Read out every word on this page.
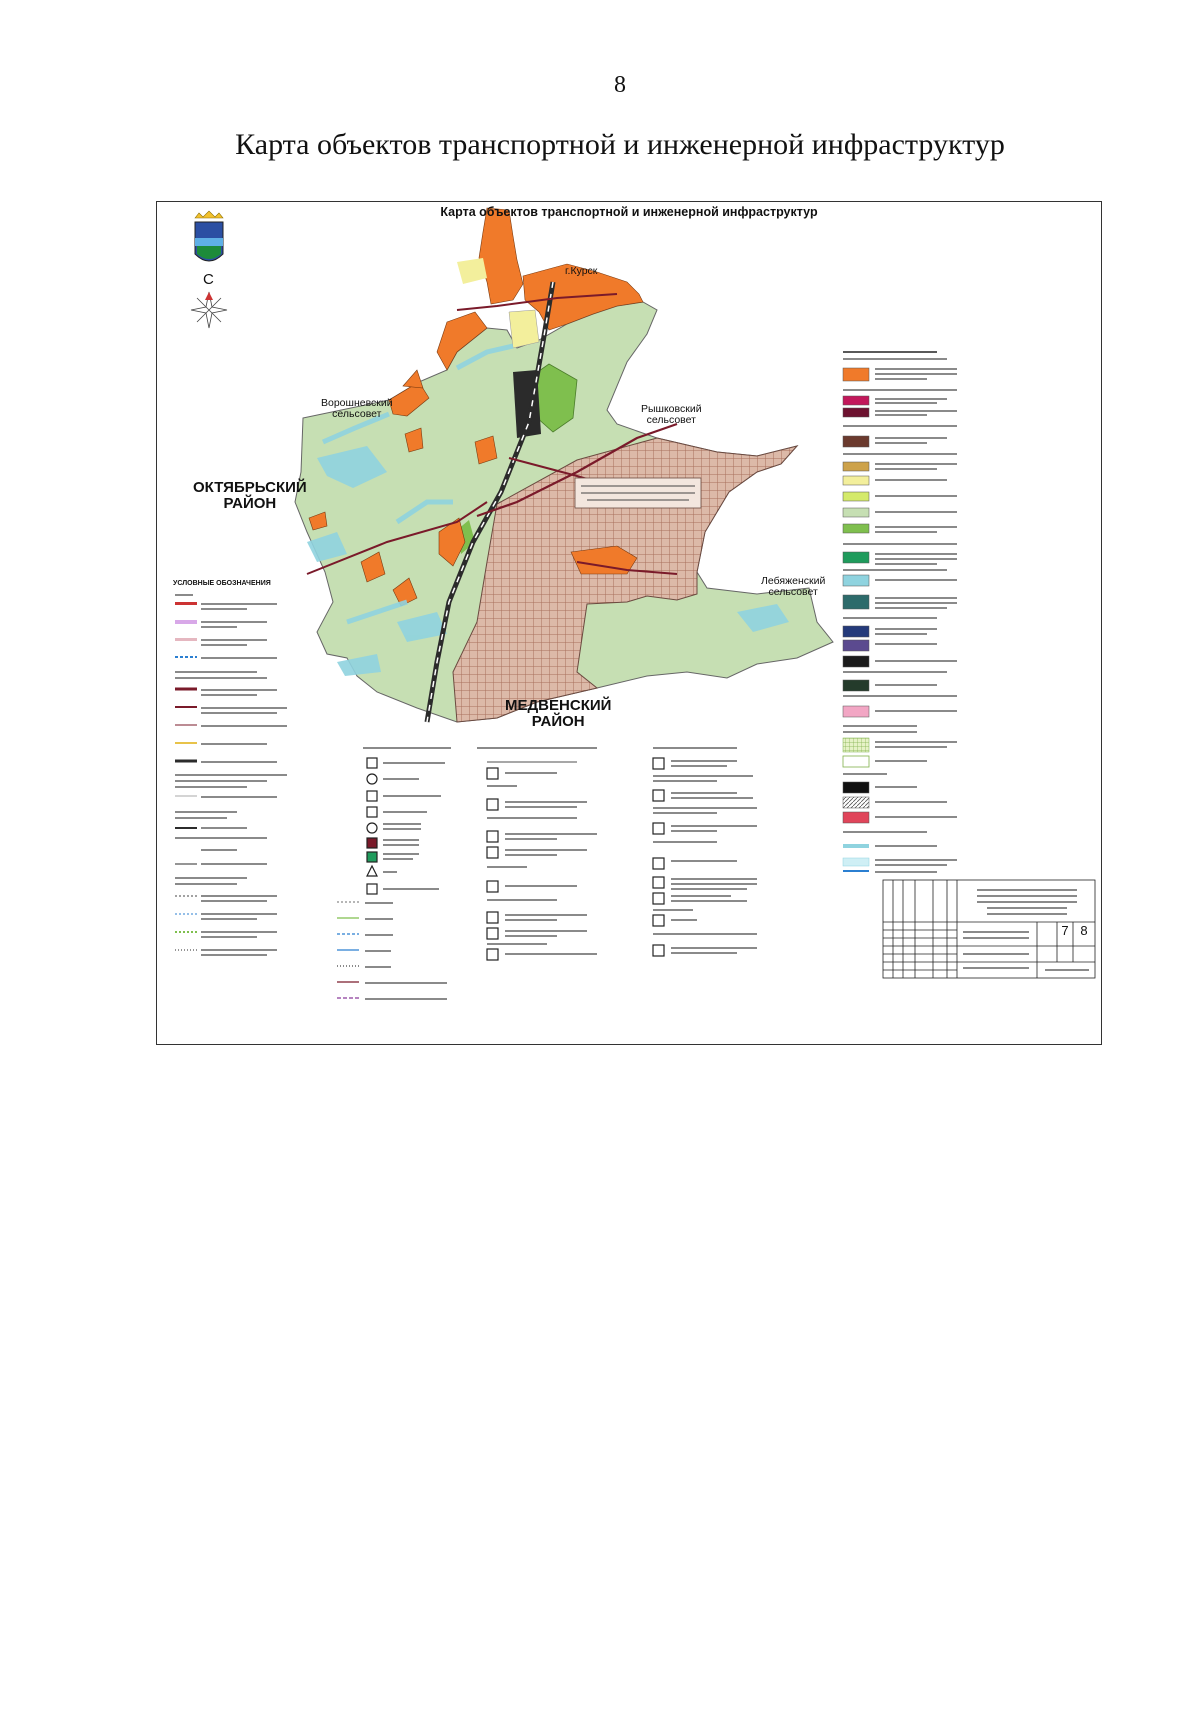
8
Карта объектов транспортной и инженерной инфраструктур
Карта объектов транспортной и инженерной инфраструктур
С	г.Курск
Ворошневский
сельсовет	Рышковский
сельсовет
ОКТЯБРЬСКИЙ
РАЙОН
Лебяженский
сельсовет
МЕДВЕНСКИЙ
РАЙОН
УСЛОВНЫЕ ОБОЗНАЧЕНИЯ
7 8
